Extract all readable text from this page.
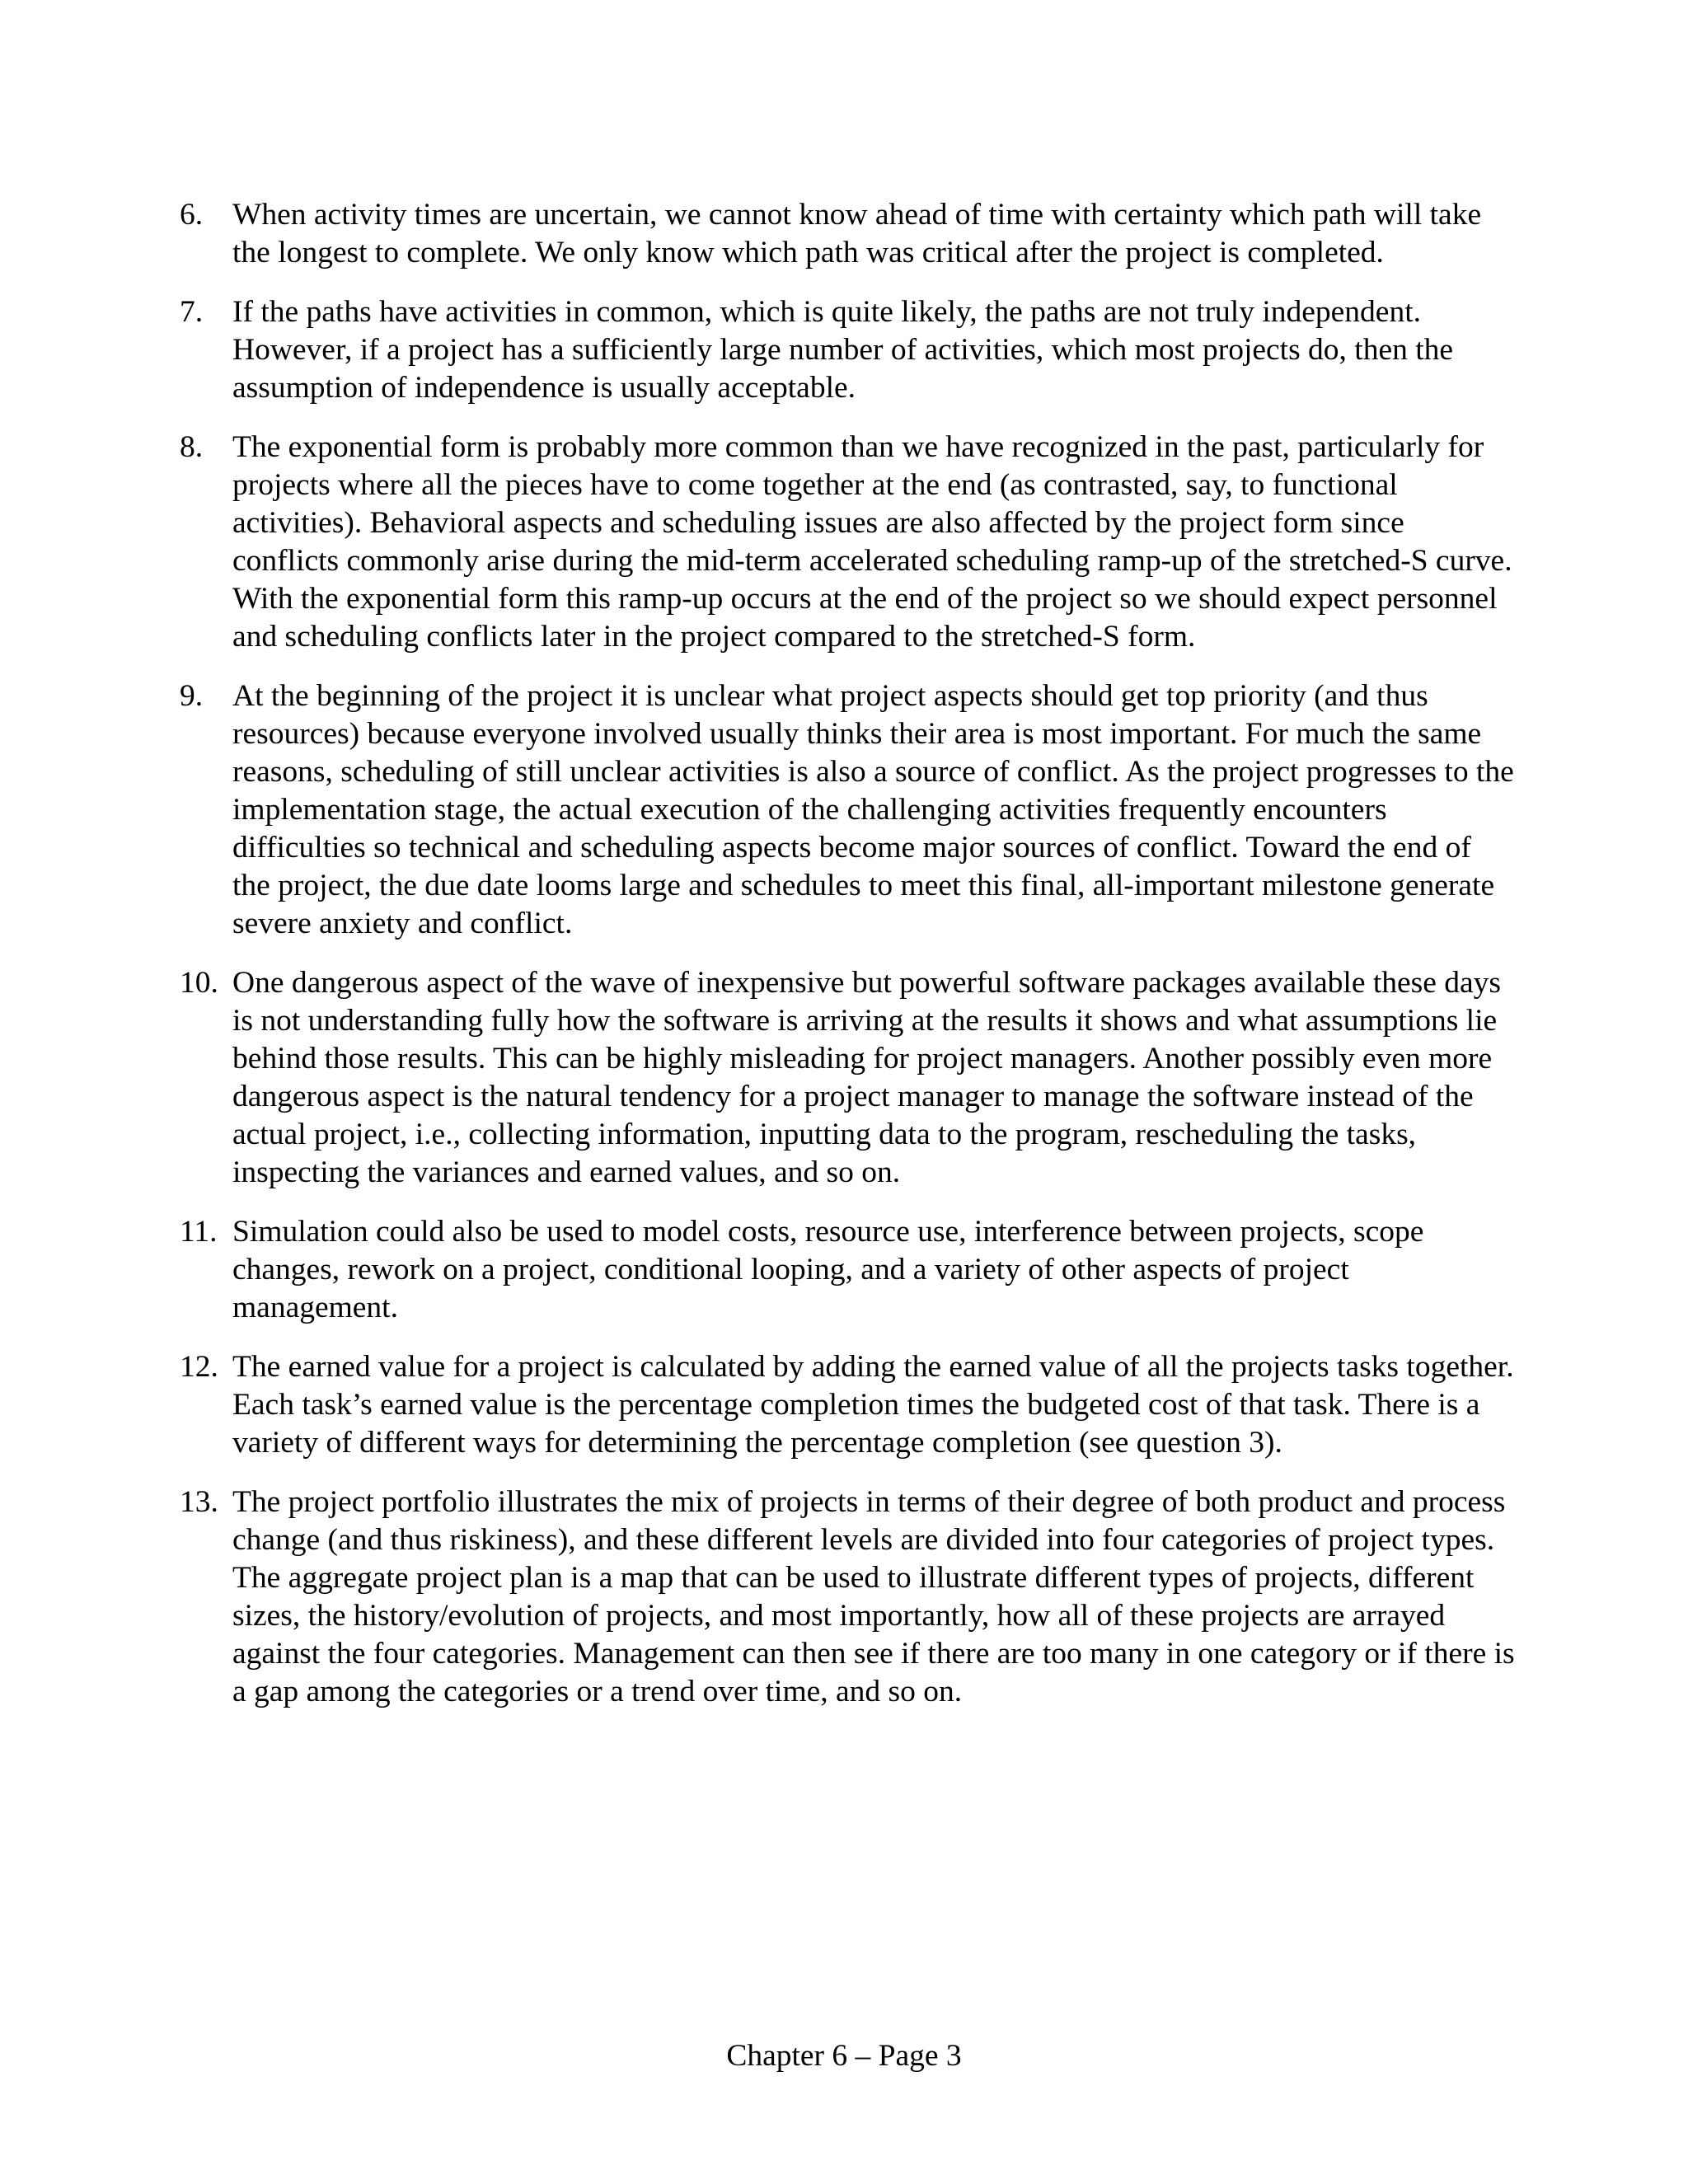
6. When activity times are uncertain, we cannot know ahead of time with certainty which path will take the longest to complete. We only know which path was critical after the project is completed.
7. If the paths have activities in common, which is quite likely, the paths are not truly independent. However, if a project has a sufficiently large number of activities, which most projects do, then the assumption of independence is usually acceptable.
8. The exponential form is probably more common than we have recognized in the past, particularly for projects where all the pieces have to come together at the end (as contrasted, say, to functional activities). Behavioral aspects and scheduling issues are also affected by the project form since conflicts commonly arise during the mid-term accelerated scheduling ramp-up of the stretched-S curve. With the exponential form this ramp-up occurs at the end of the project so we should expect personnel and scheduling conflicts later in the project compared to the stretched-S form.
9. At the beginning of the project it is unclear what project aspects should get top priority (and thus resources) because everyone involved usually thinks their area is most important. For much the same reasons, scheduling of still unclear activities is also a source of conflict. As the project progresses to the implementation stage, the actual execution of the challenging activities frequently encounters difficulties so technical and scheduling aspects become major sources of conflict. Toward the end of the project, the due date looms large and schedules to meet this final, all-important milestone generate severe anxiety and conflict.
10. One dangerous aspect of the wave of inexpensive but powerful software packages available these days is not understanding fully how the software is arriving at the results it shows and what assumptions lie behind those results. This can be highly misleading for project managers. Another possibly even more dangerous aspect is the natural tendency for a project manager to manage the software instead of the actual project, i.e., collecting information, inputting data to the program, rescheduling the tasks, inspecting the variances and earned values, and so on.
11. Simulation could also be used to model costs, resource use, interference between projects, scope changes, rework on a project, conditional looping, and a variety of other aspects of project management.
12. The earned value for a project is calculated by adding the earned value of all the projects tasks together. Each task’s earned value is the percentage completion times the budgeted cost of that task. There is a variety of different ways for determining the percentage completion (see question 3).
13. The project portfolio illustrates the mix of projects in terms of their degree of both product and process change (and thus riskiness), and these different levels are divided into four categories of project types. The aggregate project plan is a map that can be used to illustrate different types of projects, different sizes, the history/evolution of projects, and most importantly, how all of these projects are arrayed against the four categories. Management can then see if there are too many in one category or if there is a gap among the categories or a trend over time, and so on.
Chapter 6 – Page 3
